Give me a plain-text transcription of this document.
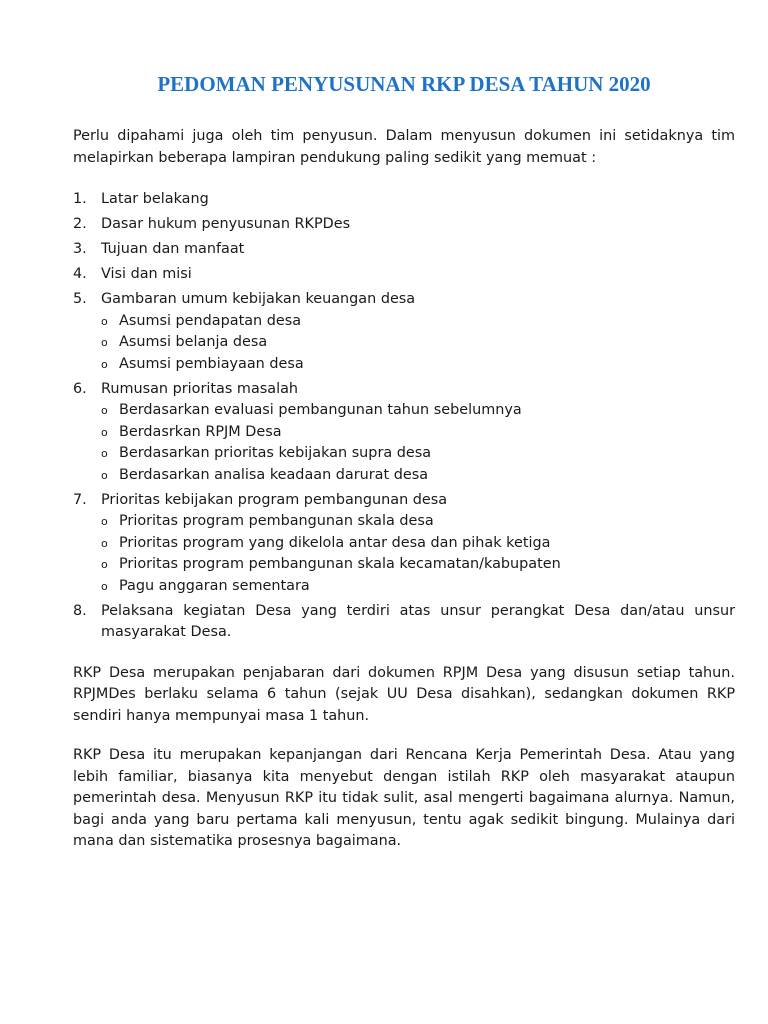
PEDOMAN PENYUSUNAN RKP DESA TAHUN 2020

Perlu dipahami juga oleh tim penyusun. Dalam menyusun dokumen ini setidaknya tim melapirkan beberapa lampiran pendukung paling sedikit yang memuat :

1. Latar belakang
2. Dasar hukum penyusunan RKPDes
3. Tujuan dan manfaat
4. Visi dan misi
5. Gambaran umum kebijakan keuangan desa
o Asumsi pendapatan desa
o Asumsi belanja desa
o Asumsi pembiayaan desa
6. Rumusan prioritas masalah
o Berdasarkan evaluasi pembangunan tahun sebelumnya
o Berdasrkan RPJM Desa
o Berdasarkan prioritas kebijakan supra desa
o Berdasarkan analisa keadaan darurat desa
7. Prioritas kebijakan program pembangunan desa
o Prioritas program pembangunan skala desa
o Prioritas program yang dikelola antar desa dan pihak ketiga
o Prioritas program pembangunan skala kecamatan/kabupaten
o Pagu anggaran sementara
8. Pelaksana kegiatan Desa yang terdiri atas unsur perangkat Desa dan/atau unsur masyarakat Desa.

RKP Desa merupakan penjabaran dari dokumen RPJM Desa yang disusun setiap tahun. RPJMDes berlaku selama 6 tahun (sejak UU Desa disahkan), sedangkan dokumen RKP sendiri hanya mempunyai masa 1 tahun.

RKP Desa itu merupakan kepanjangan dari Rencana Kerja Pemerintah Desa. Atau yang lebih familiar, biasanya kita menyebut dengan istilah RKP oleh masyarakat ataupun pemerintah desa. Menyusun RKP itu tidak sulit, asal mengerti bagaimana alurnya. Namun, bagi anda yang baru pertama kali menyusun, tentu agak sedikit bingung. Mulainya dari mana dan sistematika prosesnya bagaimana.
